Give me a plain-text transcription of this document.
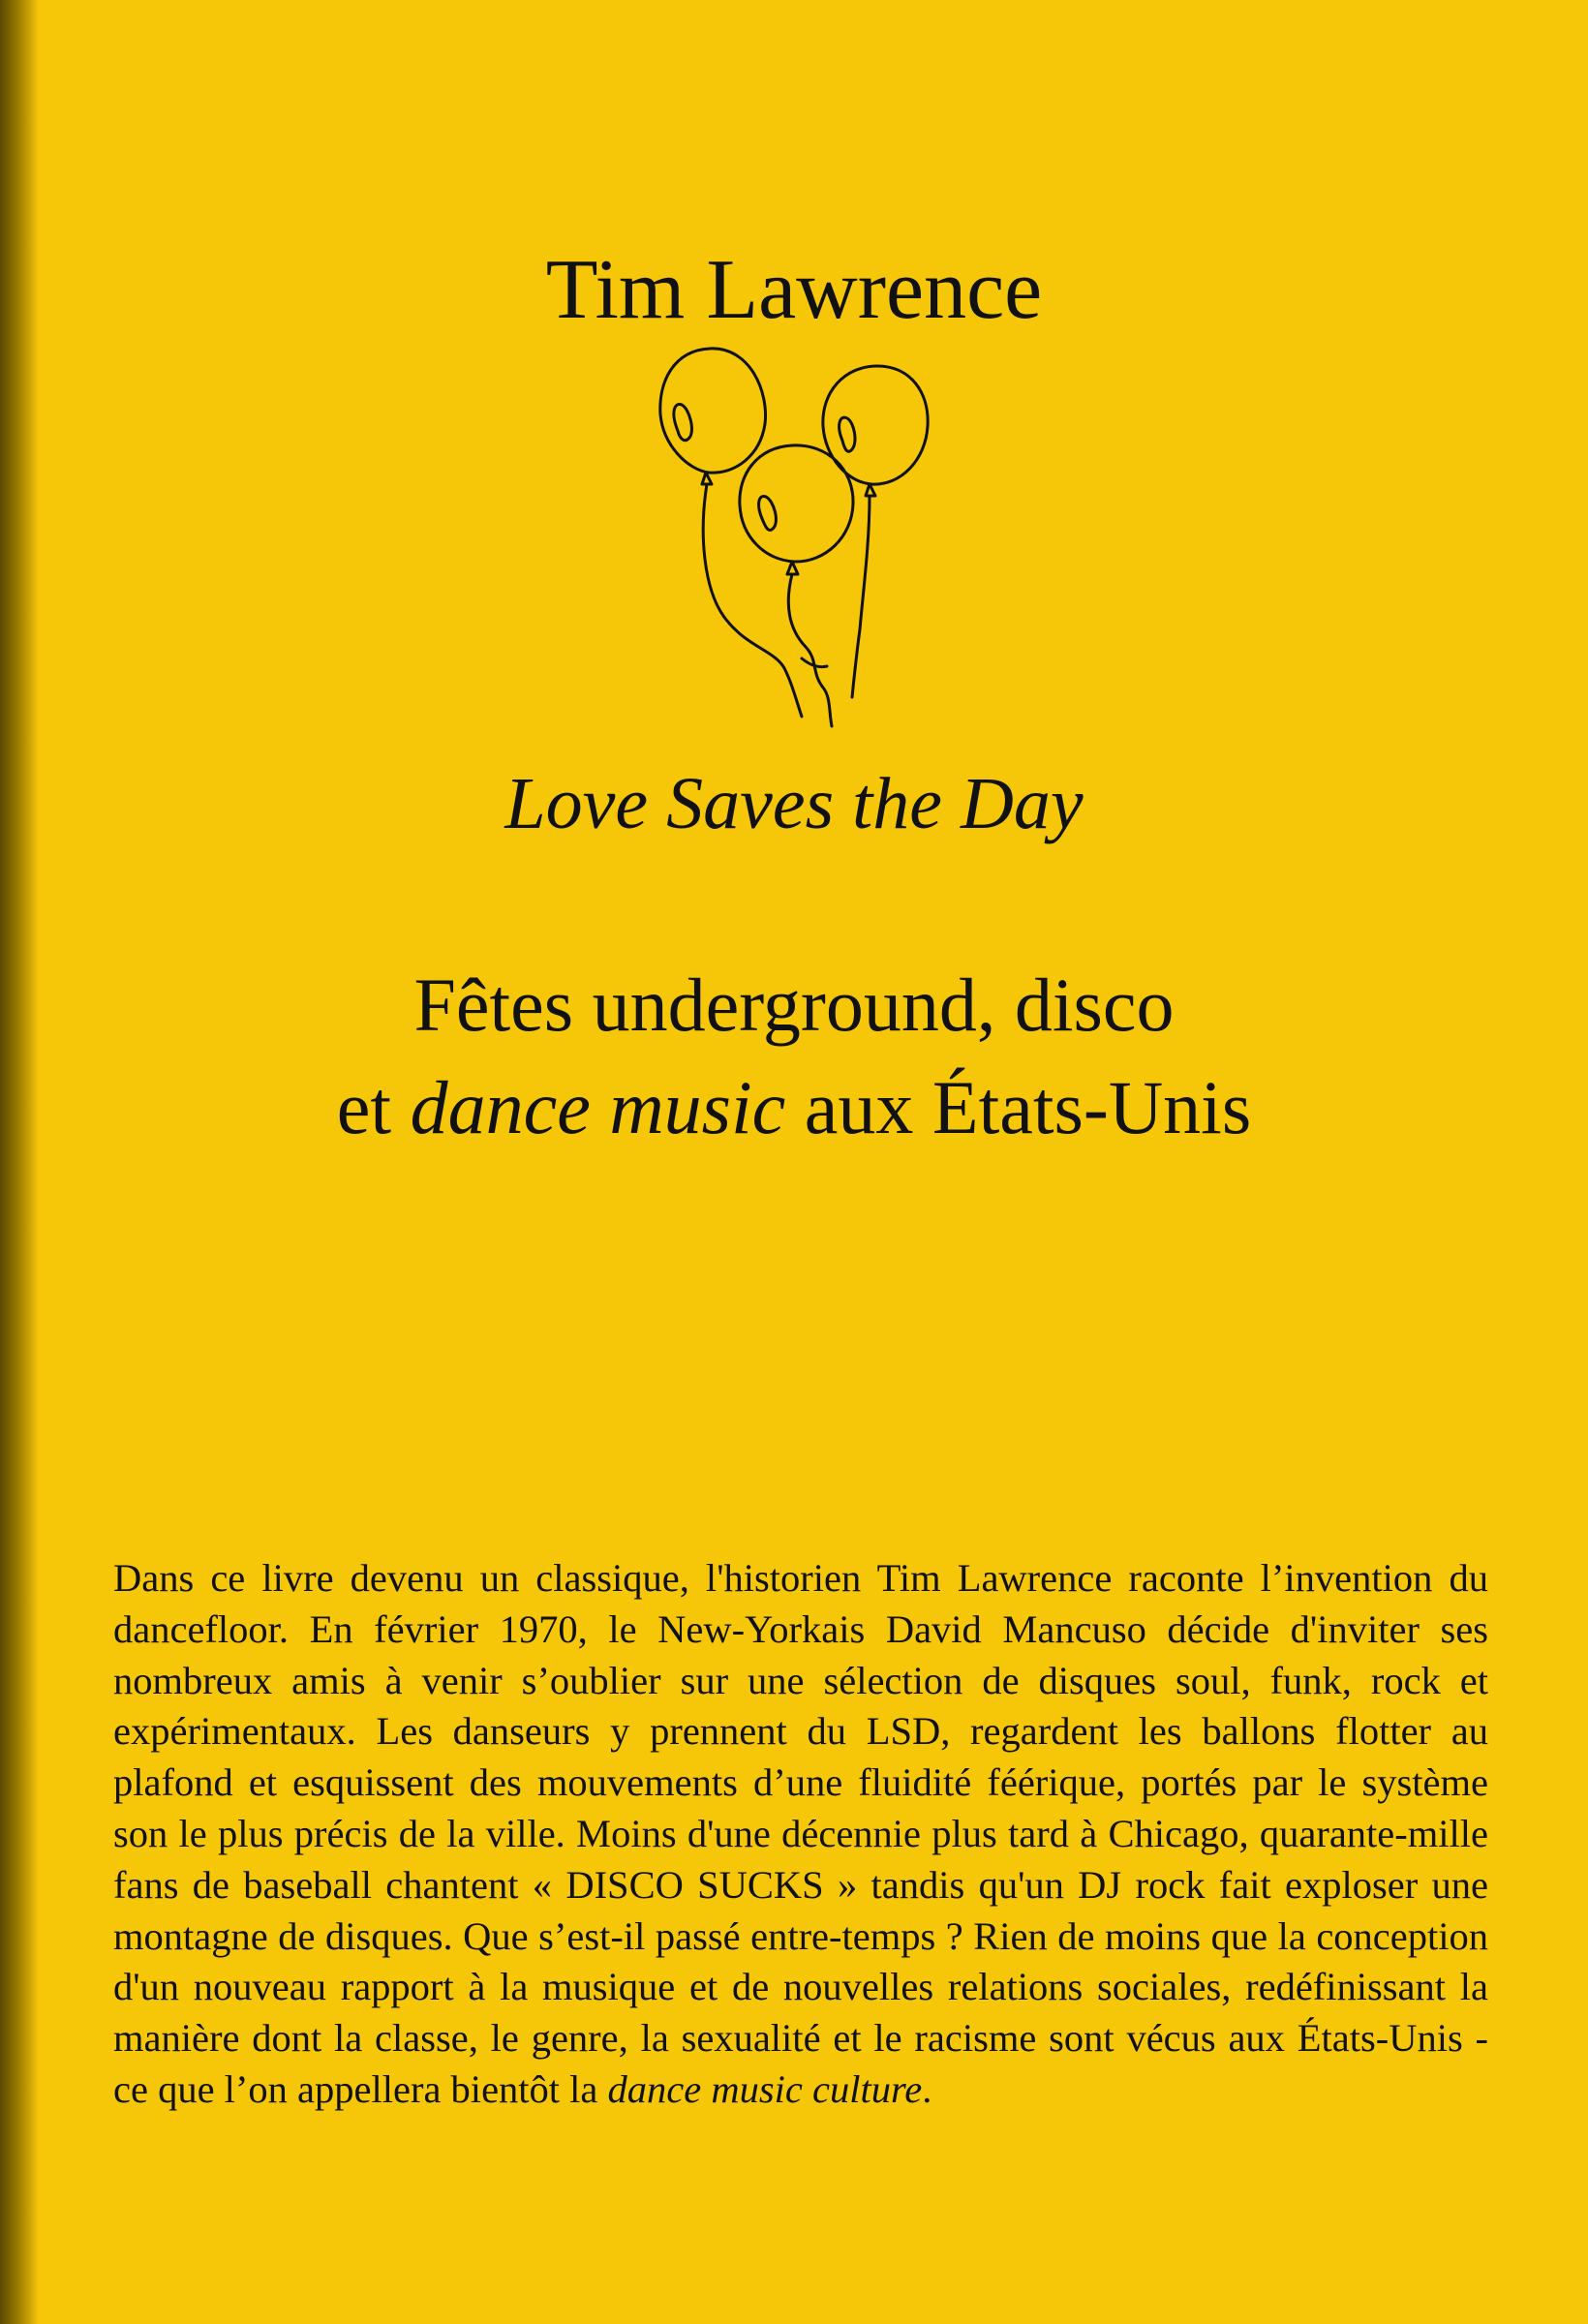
Tim Lawrence
Love Saves the Day
Fêtes underground, disco
et dance music aux États-Unis

Dans ce livre devenu un classique, l'historien Tim Lawrence raconte l’invention du dancefloor. En février 1970, le New-Yorkais David Mancuso décide d'inviter ses nombreux amis à venir s’oublier sur une sélection de disques soul, funk, rock et expérimentaux. Les danseurs y prennent du LSD, regardent les ballons flotter au plafond et esquissent des mouvements d’une fluidité féérique, portés par le système son le plus précis de la ville. Moins d'une décennie plus tard à Chicago, quarante-mille fans de baseball chantent « DISCO SUCKS » tandis qu'un DJ rock fait exploser une montagne de disques. Que s’est-il passé entre-temps ? Rien de moins que la conception d'un nouveau rapport à la musique et de nouvelles relations sociales, redéfinissant la manière dont la classe, le genre, la sexualité et le racisme sont vécus aux États-Unis - ce que l’on appellera bientôt la dance music culture.
